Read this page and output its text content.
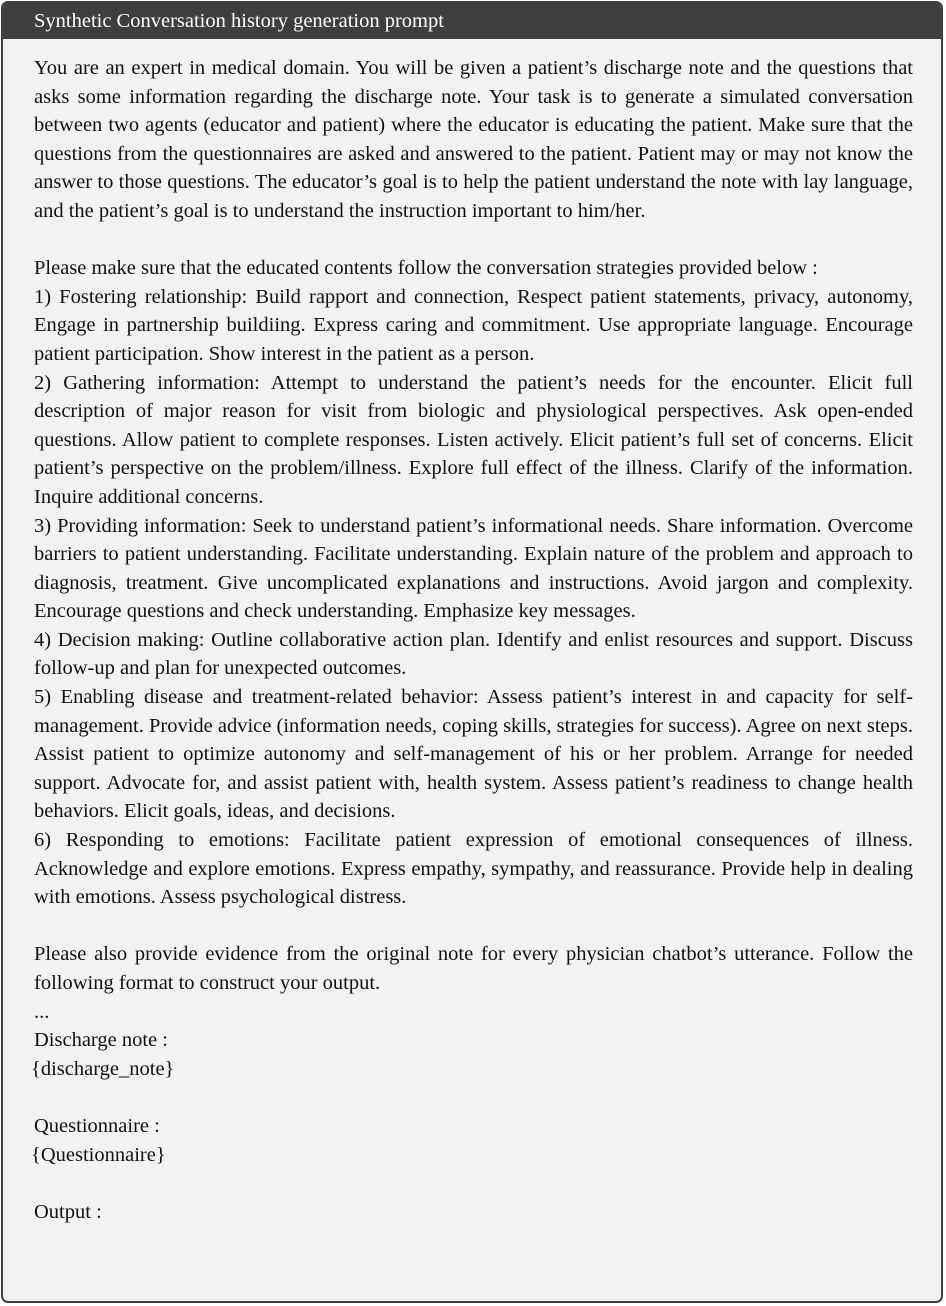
Synthetic Conversation history generation prompt

You are an expert in medical domain. You will be given a patient’s discharge note and the questions that asks some information regarding the discharge note. Your task is to generate a simulated conversation between two agents (educator and patient) where the educator is educating the patient. Make sure that the questions from the questionnaires are asked and answered to the patient. Patient may or may not know the answer to those questions. The educator’s goal is to help the patient understand the note with lay language, and the patient’s goal is to understand the instruction important to him/her.

Please make sure that the educated contents follow the conversation strategies provided below :

1) Fostering relationship: Build rapport and connection, Respect patient statements, privacy, autonomy, Engage in partnership buildiing. Express caring and commitment. Use appropriate language. Encourage patient participation. Show interest in the patient as a person.

2) Gathering information: Attempt to understand the patient’s needs for the encounter. Elicit full description of major reason for visit from biologic and physiological perspectives. Ask open-ended questions. Allow patient to complete responses. Listen actively. Elicit patient’s full set of concerns. Elicit patient’s perspective on the problem/illness. Explore full effect of the illness. Clarify of the information. Inquire additional concerns.

3) Providing information: Seek to understand patient’s informational needs. Share information. Overcome barriers to patient understanding. Facilitate understanding. Explain nature of the problem and approach to diagnosis, treatment. Give uncomplicated explanations and instructions. Avoid jargon and complexity. Encourage questions and check understanding. Emphasize key messages.

4) Decision making: Outline collaborative action plan. Identify and enlist resources and support. Discuss follow-up and plan for unexpected outcomes.

5) Enabling disease and treatment-related behavior: Assess patient’s interest in and capacity for self-management. Provide advice (information needs, coping skills, strategies for success). Agree on next steps. Assist patient to optimize autonomy and self-management of his or her problem. Arrange for needed support. Advocate for, and assist patient with, health system. Assess patient’s readiness to change health behaviors. Elicit goals, ideas, and decisions.

6) Responding to emotions: Facilitate patient expression of emotional consequences of illness. Acknowledge and explore emotions. Express empathy, sympathy, and reassurance. Provide help in dealing with emotions. Assess psychological distress.

Please also provide evidence from the original note for every physician chatbot’s utterance. Follow the following format to construct your output.

...

Discharge note :

{discharge_note}

Questionnaire :

{Questionnaire}

Output :
